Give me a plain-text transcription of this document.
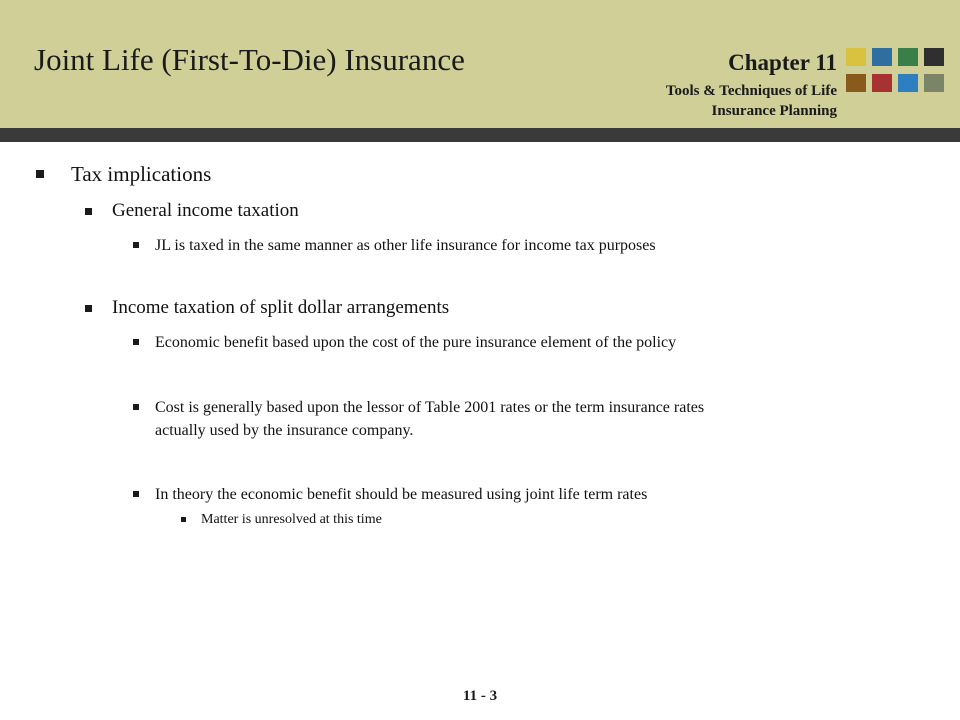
Joint Life (First-To-Die) Insurance	Chapter 11
Tools & Techniques of Life
Insurance Planning
Tax implications
General income taxation
JL is taxed in the same manner as other life insurance for income tax purposes
Income taxation of split dollar arrangements
Economic benefit based upon the cost of the pure insurance element of the policy
Cost is generally based upon the lessor of Table 2001 rates or the term insurance rates
actually used by the insurance company.
In theory the economic benefit should be measured using joint life term rates
Matter is unresolved at this time
11 - 3
